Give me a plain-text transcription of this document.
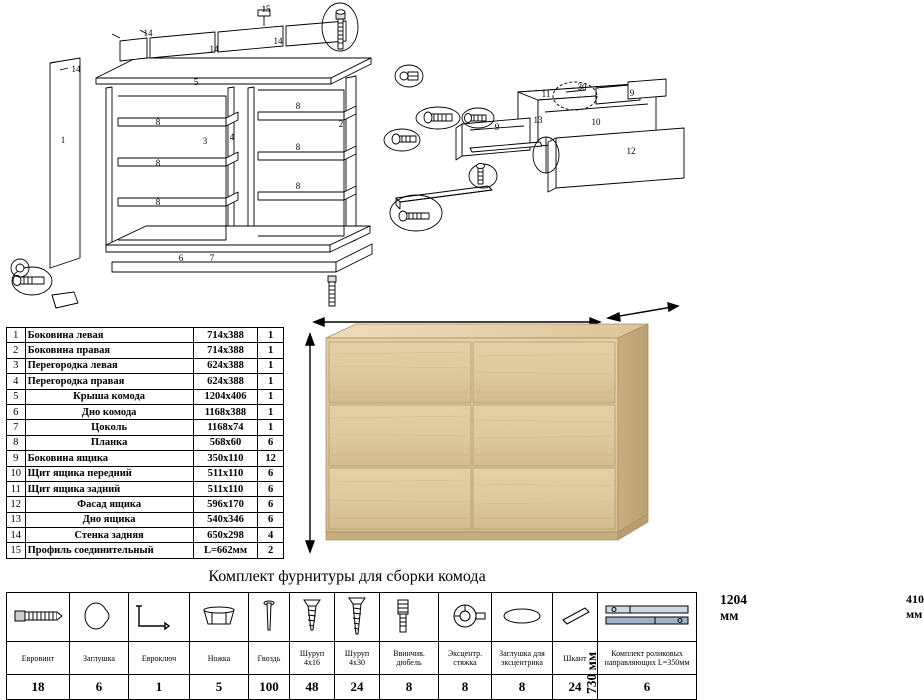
15
14
14
14
14
5
1
2
3	4
8
8
8
8
8
8
6	7
9
9
10
11
12
13
30
1	Боковина левая	714х388	1
2	Боковина правая	714х388	1
3	Перегородка левая	624х388	1
4	Перегородка правая	624х388	1
5	Крыша комода	1204х406	1
6	Дно комода	1168х388	1
7	Цоколь	1168х74	1
8	Планка	568х60	6
9	Боковина ящика	350х110	12
10	Щит ящика передний	511х110	6
11	Щит ящика задний	511х110	6
12	Фасад ящика	596х170	6
13	Дно ящика	540х346	6
14	Стенка задняя	650х298	4
15	Профиль соединительный	L=662мм	2
1204 мм
410 мм
730 мм
Комплект фурнитуры для сборки комода

Евровинт	Заглушка	Евроключ	Ножка	Гвоздь	Шуруп 4х16	Шуруп 4х30	Ввинчив. дюбель	Эксцентр. стяжка	Заглушка для эксцентрика	Шкант	Комплект роликовых направляющих L=350мм
18	6	1	5	100	48	24	8	8	8	24	6
